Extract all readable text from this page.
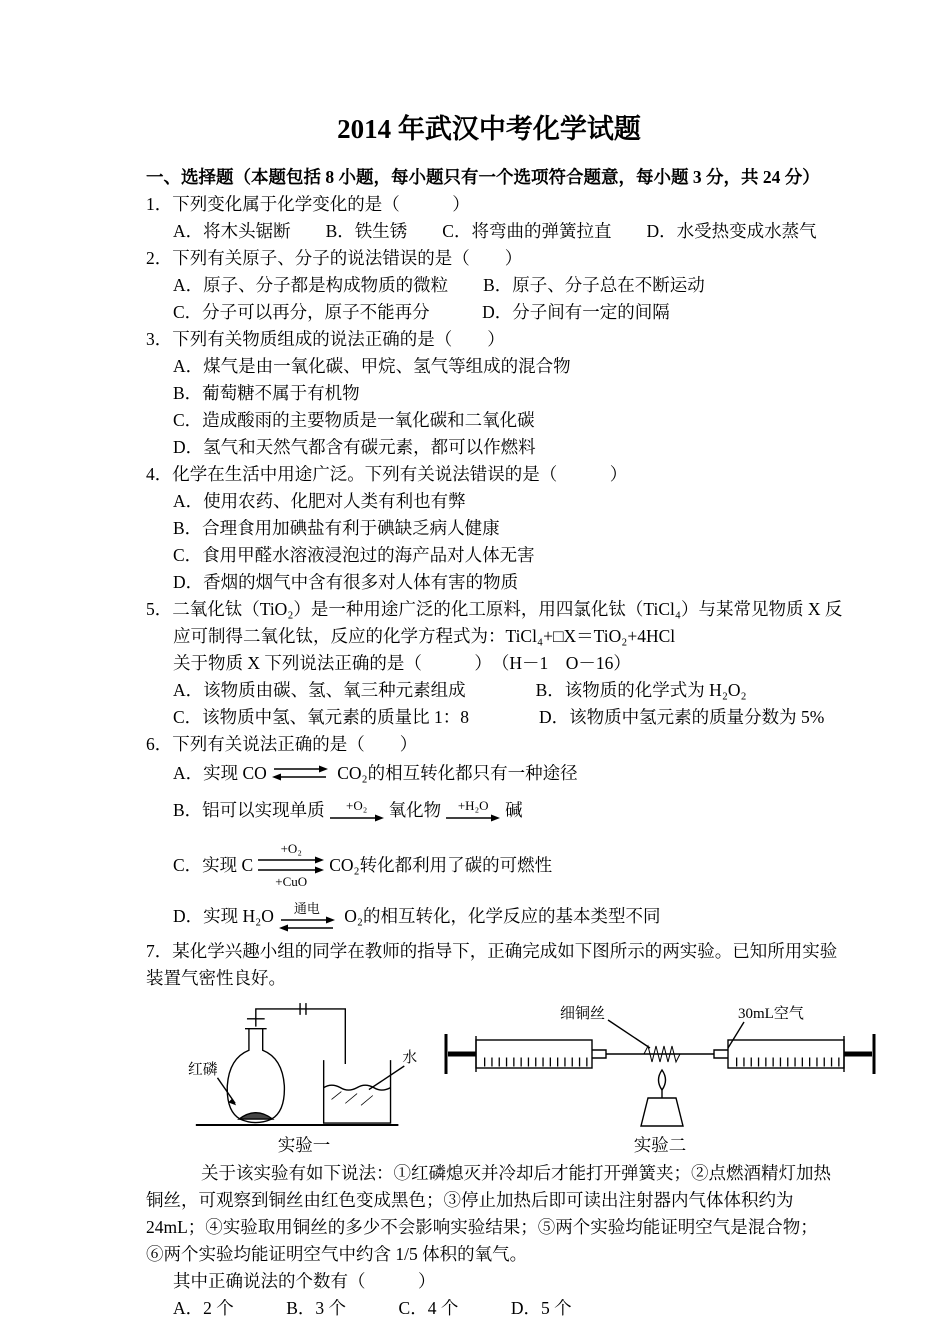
2014 年武汉中考化学试题
一、选择题（本题包括 8 小题，每小题只有一个选项符合题意，每小题 3 分，共 24 分）
1．下列变化属于化学变化的是（　　　）
A．将木头锯断　　B．铁生锈　　C．将弯曲的弹簧拉直　　D．水受热变成水蒸气
2．下列有关原子、分子的说法错误的是（　　）
A．原子、分子都是构成物质的微粒　　B．原子、分子总在不断运动
C．分子可以再分，原子不能再分　　　D．分子间有一定的间隔
3．下列有关物质组成的说法正确的是（　　）
A．煤气是由一氧化碳、甲烷、氢气等组成的混合物
B．葡萄糖不属于有机物
C．造成酸雨的主要物质是一氧化碳和二氧化碳
D．氢气和天然气都含有碳元素，都可以作燃料
4．化学在生活中用途广泛。下列有关说法错误的是（　　　）
A．使用农药、化肥对人类有利也有弊
B．合理食用加碘盐有利于碘缺乏病人健康
C．食用甲醛水溶液浸泡过的海产品对人体无害
D．香烟的烟气中含有很多对人体有害的物质
5．二氧化钛（TiO₂）是一种用途广泛的化工原料，用四氯化钛（TiCl₄）与某常见物质 X 反
应可制得二氧化钛，反应的化学方程式为：TiCl₄+□X＝TiO₂+4HCl
关于物质 X 下列说法正确的是（　　　）　（H－1　O－16）
A．该物质由碳、氢、氧三种元素组成　　　　B．该物质的化学式为 H₂O₂
C．该物质中氢、氧元素的质量比 1：8　　　　D．该物质中氢元素的质量分数为 5%
6．下列有关说法正确的是（　　）
A．实现 CO ⇌ CO₂的相互转化都只有一种途径
B．铝可以实现单质 +O₂ 氧化物 +H₂O 碱
C．实现 C
+O₂
+CuO
CO₂转化都利用了碳的可燃性
D．实现 H₂O 通电 O₂的相互转化，化学反应的基本类型不同
7．某化学兴趣小组的同学在教师的指导下，正确完成如下图所示的两实验。已知所用实验
装置气密性良好。
红磷
水
实验一
细铜丝	30mL空气
实验二
关于该实验有如下说法：①红磷熄灭并冷却后才能打开弹簧夹；②点燃酒精灯加热
铜丝，可观察到铜丝由红色变成黑色；③停止加热后即可读出注射器内气体体积约为
24mL；④实验取用铜丝的多少不会影响实验结果；⑤两个实验均能证明空气是混合物；
⑥两个实验均能证明空气中约含 1/5 体积的氧气。
其中正确说法的个数有（　　　）
A．2 个　　　B．3 个　　　C．4 个　　　D．5 个
